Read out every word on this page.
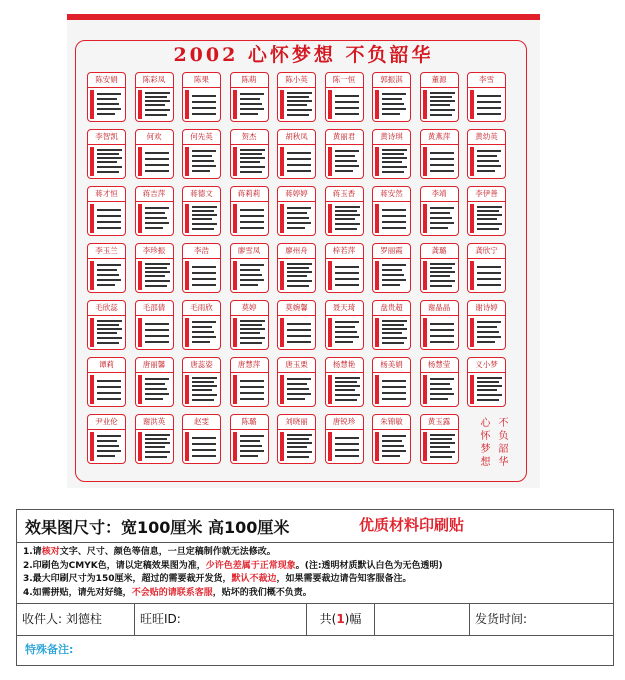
2002 心怀梦想 不负韶华
陈安娟	陈彩凤	陈果	陈萌	陈小英	陈一恒	郭振淇	董源	李雪
李智凯	何欢	何先英	贺杰	胡秋凤	黄丽君	黄诗琪	黄燕萍	黄幼英
蒋才恒	蒋吉萍	蒋德文	蒋莉莉	蒋婷婷	蒋玉香	蒋安然	李靖	李伊善
李玉兰	李珍振	李浩	廖雪凤	廖州舟	梓若萍	罗丽霞	龚璐	龚欣宁
毛欣蕊	毛邵倩	毛雨欣	莫婷	莫婉馨	聂天琦	盘贵超	谢晶晶	谢诗婷
谭莉	唐丽馨	唐蕊姿	唐慧萍	唐玉栗	杨慧艳	杨美娟	杨慧莹	义小梦
尹业伦	谢洪英	赵雯	陈璐	刘晓丽	唐锐珍	朱锦敏	黄玉露	心怀梦想
不负韶华
效果图尺寸：宽100厘米 高100厘米	优质材料印刷贴
1.请核对文字、尺寸、颜色等信息，一旦定稿制作就无法修改。
2.印刷色为CMYK色，请以定稿效果图为准，少许色差属于正常现象。(注:透明材质默认白色为无色透明)
3.最大印刷尺寸为150厘米，超过的需要裁开发货，默认不裁边，如果需要裁边请告知客服备注。
4.如需拼贴，请先对好缝，不会贴的请联系客服，贴坏的我们概不负责。
收件人: 刘德柱	旺旺ID:	共(1)幅	发货时间:
特殊备注:
